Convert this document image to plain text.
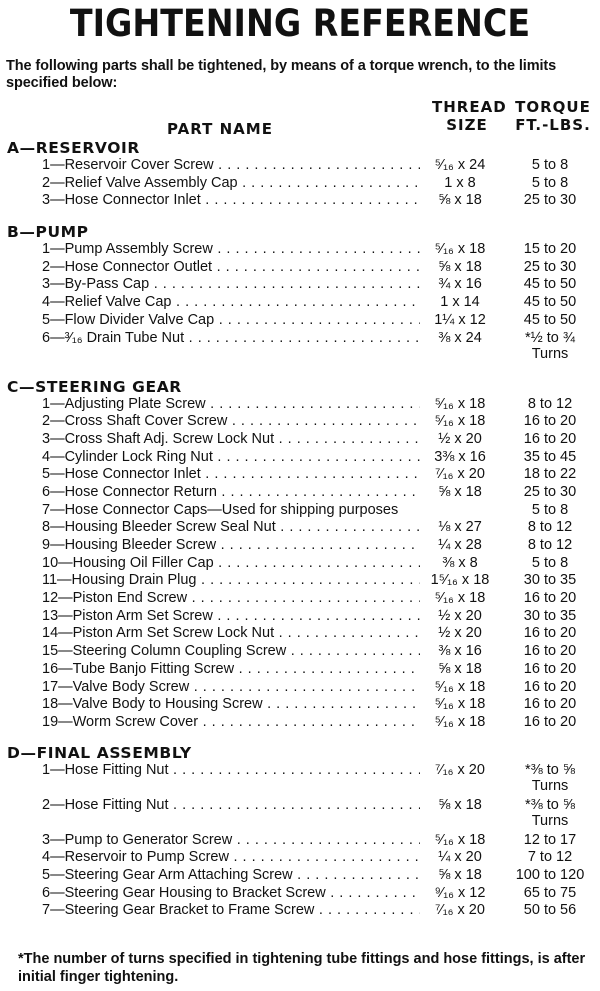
TIGHTENING REFERENCE
The following parts shall be tightened, by means of a torque wrench, to the limits specified below:
THREAD
SIZE
TORQUE
FT.-LBS.
PART NAME
A—RESERVOIR
1—Reservoir Cover Screw . . .	⁵⁄₁₆ x 24	5 to 8
2—Relief Valve Assembly Cap . . .	1 x 8	5 to 8
3—Hose Connector Inlet . . .	⅝ x 18	25 to 30
B—PUMP
1—Pump Assembly Screw . . .	⁵⁄₁₆ x 18	15 to 20
2—Hose Connector Outlet . . .	⅝ x 18	25 to 30
3—By-Pass Cap . . .	¾ x 16	45 to 50
4—Relief Valve Cap . . .	1 x 14	45 to 50
5—Flow Divider Valve Cap . . .	1¼ x 12	45 to 50
6—³⁄₁₆ Drain Tube Nut . . .	⅜ x 24	*½ to ¾
Turns
C—STEERING GEAR
1—Adjusting Plate Screw . . .	⁵⁄₁₆ x 18	8 to 12
2—Cross Shaft Cover Screw . . .	⁵⁄₁₆ x 18	16 to 20
3—Cross Shaft Adj. Screw Lock Nut . . .	½ x 20	16 to 20
4—Cylinder Lock Ring Nut . . .	3⅜ x 16	35 to 45
5—Hose Connector Inlet . . .	⁷⁄₁₆ x 20	18 to 22
6—Hose Connector Return . . .	⅝ x 18	25 to 30
7—Hose Connector Caps—Used for shipping purposes	5 to 8
8—Housing Bleeder Screw Seal Nut . . .	⅛ x 27	8 to 12
9—Housing Bleeder Screw . . .	¼ x 28	8 to 12
10—Housing Oil Filler Cap . . .	⅜ x 8	5 to 8
11—Housing Drain Plug . . .	1⁵⁄₁₆ x 18	30 to 35
12—Piston End Screw . . .	⁵⁄₁₆ x 18	16 to 20
13—Piston Arm Set Screw . . .	½ x 20	30 to 35
14—Piston Arm Set Screw Lock Nut . . .	½ x 20	16 to 20
15—Steering Column Coupling Screw . . .	⅜ x 16	16 to 20
16—Tube Banjo Fitting Screw . . .	⅝ x 18	16 to 20
17—Valve Body Screw . . .	⁵⁄₁₆ x 18	16 to 20
18—Valve Body to Housing Screw . . .	⁵⁄₁₆ x 18	16 to 20
19—Worm Screw Cover . . .	⁵⁄₁₆ x 18	16 to 20
D—FINAL ASSEMBLY
1—Hose Fitting Nut . . .	⁷⁄₁₆ x 20	*⅜ to ⅝
Turns
2—Hose Fitting Nut . . .	⅝ x 18	*⅜ to ⅝
Turns
3—Pump to Generator Screw . . .	⁵⁄₁₆ x 18	12 to 17
4—Reservoir to Pump Screw . . .	¼ x 20	7 to 12
5—Steering Gear Arm Attaching Screw . . .	⅝ x 18	100 to 120
6—Steering Gear Housing to Bracket Screw . . .	⁹⁄₁₆ x 12	65 to 75
7—Steering Gear Bracket to Frame Screw . . .	⁷⁄₁₆ x 20	50 to 56
*The number of turns specified in tightening tube fittings and hose fittings, is after initial finger tightening.
